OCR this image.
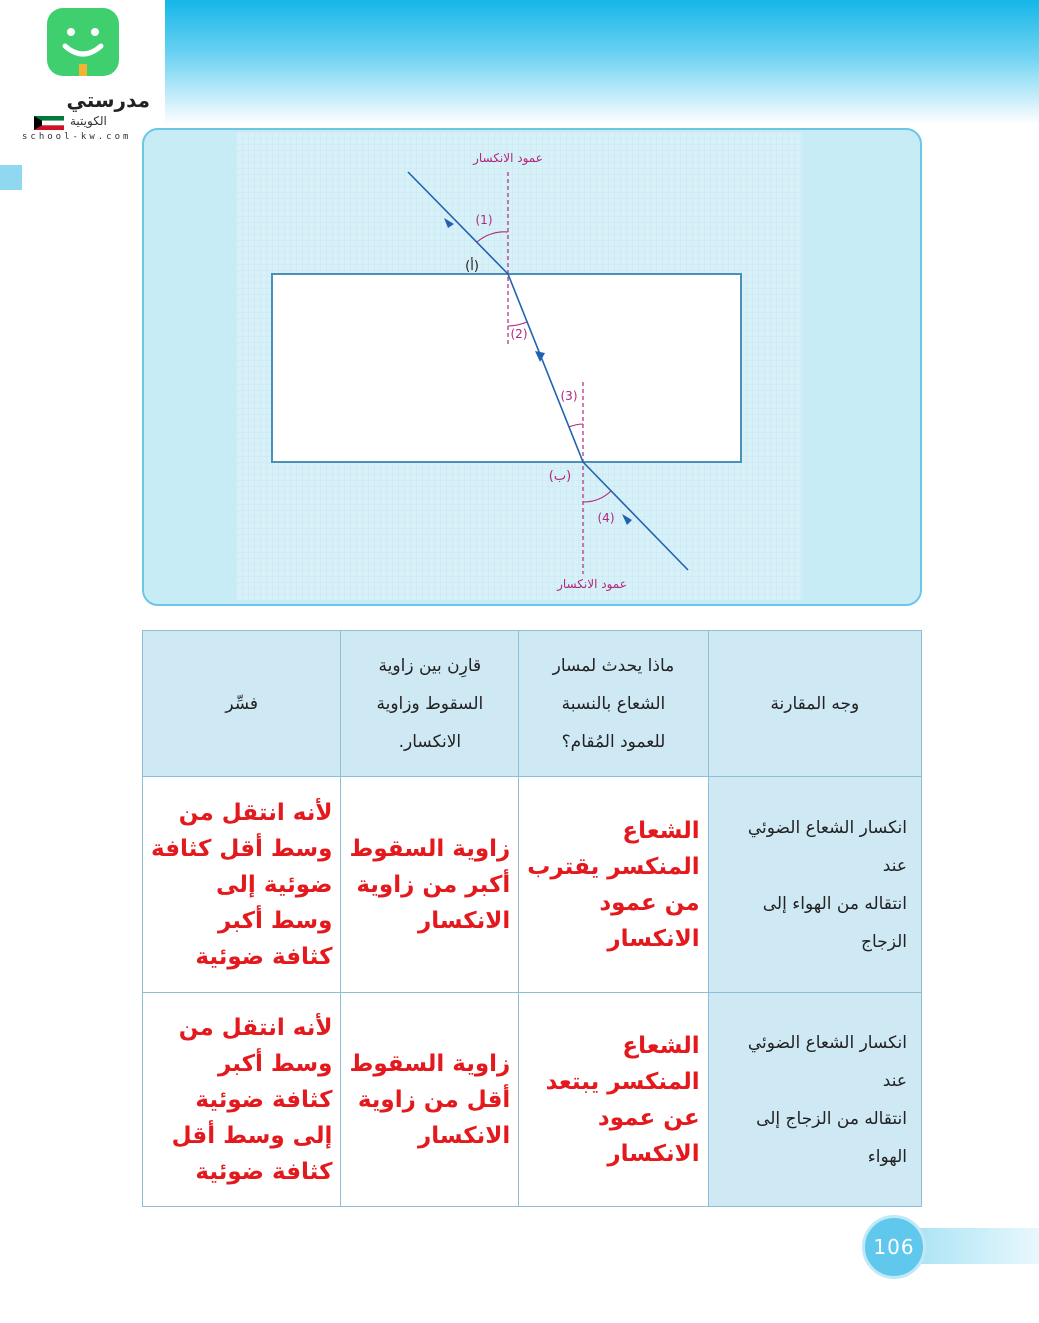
مدرستي
الكويتية
school-kw.com
عمود الانكسار
عمود الانكسار
(1)
(2)
(3)
(4)
(أ)
(ب)
وجه المقارنة	ماذا يحدث لمسار
الشعاع بالنسبة
للعمود المُقام؟	قارِن بين زاوية
السقوط وزاوية
الانكسار.	فسِّر
انكسار الشعاع الضوئي عند
انتقاله من الهواء إلى الزجاج	الشعاع
المنكسر يقترب
من عمود
الانكسار	زاوية السقوط
أكبر من زاوية
الانكسار	لأنه انتقل من
وسط أقل كثافة
ضوئية إلى
وسط أكبر
كثافة ضوئية

انكسار الشعاع الضوئي عند
انتقاله من الزجاج إلى الهواء	الشعاع
المنكسر يبتعد
عن عمود
الانكسار	زاوية السقوط
أقل من زاوية
الانكسار	لأنه انتقل من
وسط أكبر
كثافة ضوئية
إلى وسط أقل
كثافة ضوئية
106
